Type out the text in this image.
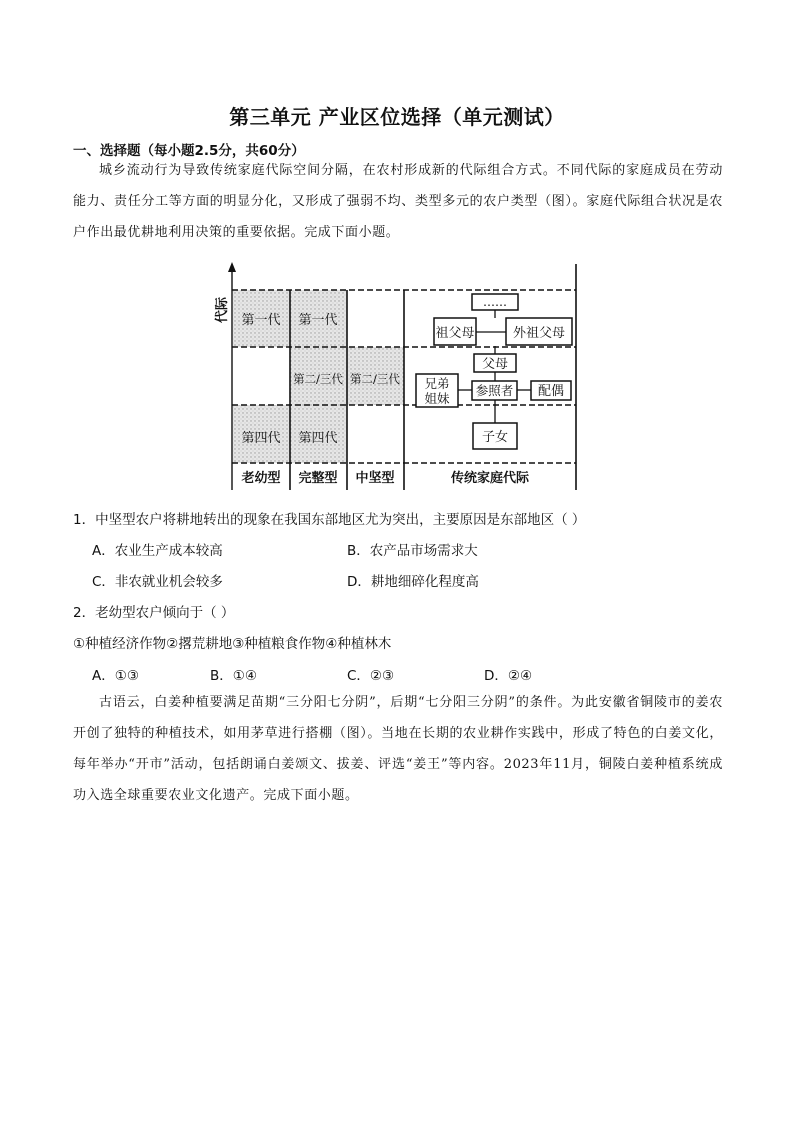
第三单元 产业区位选择（单元测试）
一、选择题（每小题2.5分，共60分）
城乡流动行为导致传统家庭代际空间分隔，在农村形成新的代际组合方式。不同代际的家庭成员在劳动能力、责任分工等方面的明显分化，又形成了强弱不均、类型多元的农户类型（图）。家庭代际组合状况是农户作出最优耕地利用决策的重要依据。完成下面小题。
代际 第一代 第一代
第二/三代 第二/三代
第四代 第四代
老幼型 完整型 中坚型	传统家庭代际
……
祖父母	外祖父母
父母
兄弟
姐妹
参照者 配偶
子女
1．中坚型农户将耕地转出的现象在我国东部地区尤为突出，主要原因是东部地区（ ）
A．农业生产成本较高	B．农产品市场需求大
C．非农就业机会较多	D．耕地细碎化程度高
2．老幼型农户倾向于（ ）
①种植经济作物②撂荒耕地③种植粮食作物④种植林木
A．①③	B．①④	C．②③	D．②④
古语云，白姜种植要满足苗期“三分阳七分阴”，后期“七分阳三分阴”的条件。为此安徽省铜陵市的姜农开创了独特的种植技术，如用茅草进行搭棚（图）。当地在长期的农业耕作实践中，形成了特色的白姜文化，每年举办“开市”活动，包括朗诵白姜颂文、拔姜、评选“姜王”等内容。2023年11月，铜陵白姜种植系统成功入选全球重要农业文化遗产。完成下面小题。
